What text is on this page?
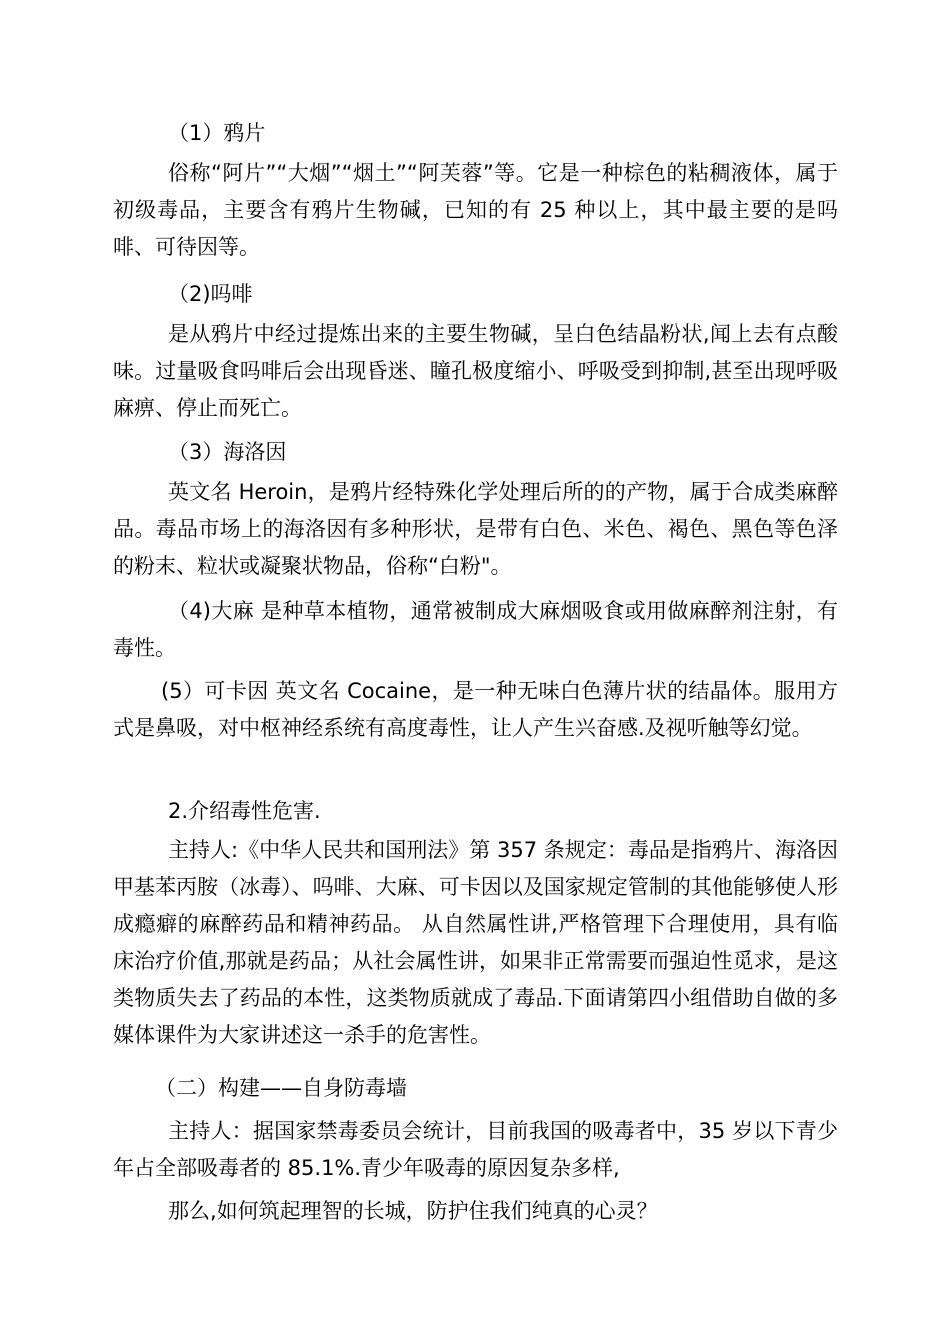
（1）鸦片

俗称“阿片”“大烟”“烟土”“阿芙蓉”等。它是一种棕色的粘稠液体，属于初级毒品，主要含有鸦片生物碱，已知的有 25 种以上，其中最主要的是吗啡、可待因等。

（2)吗啡

是从鸦片中经过提炼出来的主要生物碱，呈白色结晶粉状,闻上去有点酸味。过量吸食吗啡后会出现昏迷、瞳孔极度缩小、呼吸受到抑制,甚至出现呼吸麻痹、停止而死亡。

（3）海洛因

英文名 Heroin，是鸦片经特殊化学处理后所的的产物，属于合成类麻醉品。毒品市场上的海洛因有多种形状，是带有白色、米色、褐色、黑色等色泽的粉末、粒状或凝聚状物品，俗称“白粉"。

（4)大麻 是种草本植物，通常被制成大麻烟吸食或用做麻醉剂注射，有毒性。

(5）可卡因 英文名 Cocaine，是一种无味白色薄片状的结晶体。服用方式是鼻吸，对中枢神经系统有高度毒性，让人产生兴奋感.及视听触等幻觉。

2.介绍毒性危害.

主持人:《中华人民共和国刑法》第 357 条规定：毒品是指鸦片、海洛因甲基苯丙胺（冰毒）、吗啡、大麻、可卡因以及国家规定管制的其他能够使人形成瘾癖的麻醉药品和精神药品。 从自然属性讲,严格管理下合理使用，具有临床治疗价值,那就是药品；从社会属性讲，如果非正常需要而强迫性觅求，是这类物质失去了药品的本性，这类物质就成了毒品.下面请第四小组借助自做的多媒体课件为大家讲述这一杀手的危害性。

（二）构建——自身防毒墙

主持人：据国家禁毒委员会统计，目前我国的吸毒者中，35 岁以下青少年占全部吸毒者的 85.1%.青少年吸毒的原因复杂多样,

那么,如何筑起理智的长城，防护住我们纯真的心灵？
